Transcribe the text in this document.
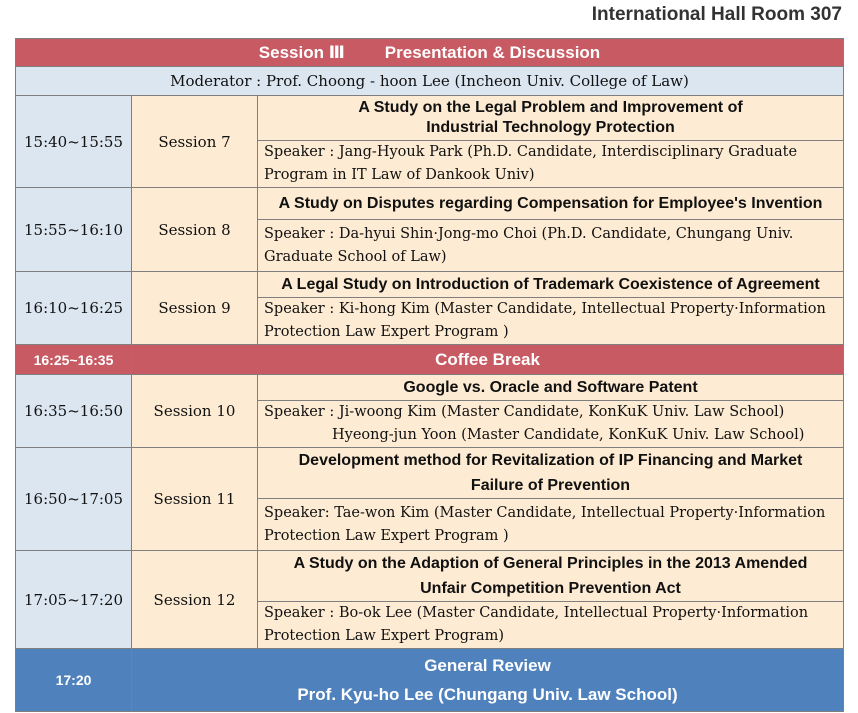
International Hall Room 307
Session Ⅲ Presentation & Discussion		
Moderator : Prof. Choong - hoon Lee (Incheon Univ. College of Law)		
15:40~15:55	Session 7	A Study on the Legal Problem and Improvement of
Industrial Technology Protection
		Speaker : Jang-Hyouk Park (Ph.D. Candidate, Interdisciplinary Graduate
Program in IT Law of Dankook Univ)
15:55~16:10	Session 8	A Study on Disputes regarding Compensation for Employee's Invention
		Speaker : Da-hyui Shin·Jong-mo Choi (Ph.D. Candidate, Chungang Univ.
Graduate School of Law)
16:10~16:25	Session 9	A Legal Study on Introduction of Trademark Coexistence of Agreement
		Speaker : Ki-hong Kim (Master Candidate, Intellectual Property·Information
Protection Law Expert Program )
16:25~16:35	Coffee Break	
16:35~16:50	Session 10	Google vs. Oracle and Software Patent
		Speaker : Ji-woong Kim (Master Candidate, KonKuK Univ. Law School)
Hyeong-jun Yoon (Master Candidate, KonKuK Univ. Law School)
16:50~17:05	Session 11	Development method for Revitalization of IP Financing and Market
Failure of Prevention
		Speaker: Tae-won Kim (Master Candidate, Intellectual Property·Information
Protection Law Expert Program )
17:05~17:20	Session 12	A Study on the Adaption of General Principles in the 2013 Amended
Unfair Competition Prevention Act
		Speaker : Bo-ok Lee (Master Candidate, Intellectual Property·Information
Protection Law Expert Program)
17:20	General Review
Prof. Kyu-ho Lee (Chungang Univ. Law School)	
